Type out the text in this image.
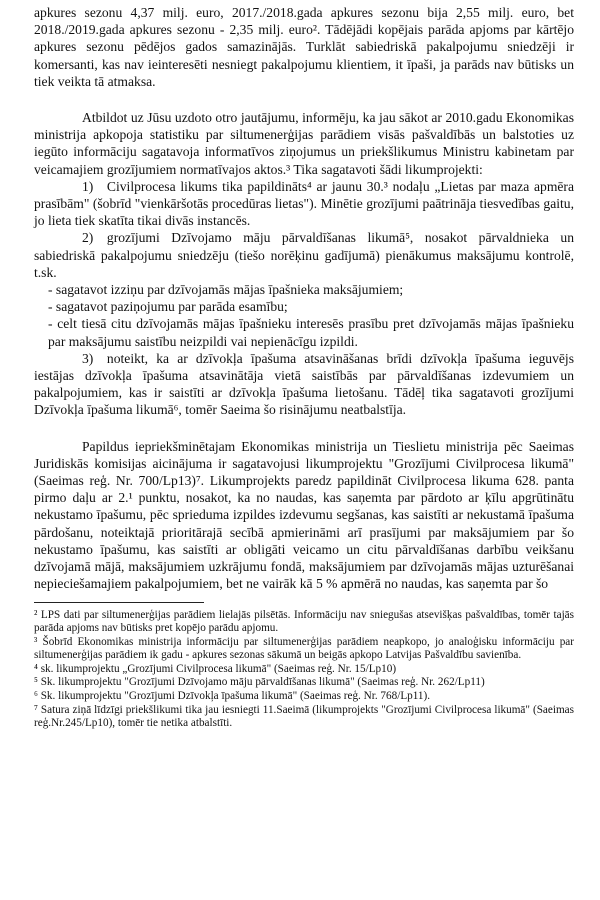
apkures sezonu 4,37 milj. euro, 2017./2018.gada apkures sezonu bija 2,55 milj. euro, bet 2018./2019.gada apkures sezonu - 2,35 milj. euro². Tādējādi kopējais parāda apjoms par kārtējo apkures sezonu pēdējos gados samazinājās. Turklāt sabiedriskā pakalpojumu sniedzēji ir komersanti, kas nav ieinteresēti nesniegt pakalpojumu klientiem, it īpaši, ja parāds nav būtisks un tiek veikta tā atmaksa.

Atbildot uz Jūsu uzdoto otro jautājumu, informēju, ka jau sākot ar 2010.gadu Ekonomikas ministrija apkopoja statistiku par siltumenerģijas parādiem visās pašvaldībās un balstoties uz iegūto informāciju sagatavoja informatīvos ziņojumus un priekšlikumus Ministru kabinetam par veicamajiem grozījumiem normatīvajos aktos.³ Tika sagatavoti šādi likumprojekti:

1) Civilprocesa likums tika papildināts⁴ ar jaunu 30.³ nodaļu „Lietas par maza apmēra prasībām" (šobrīd "vienkāršotās procedūras lietas"). Minētie grozījumi paātrināja tiesvedības gaitu, jo lieta tiek skatīta tikai divās instancēs.

2) grozījumi Dzīvojamo māju pārvaldīšanas likumā⁵, nosakot pārvaldnieka un sabiedriskā pakalpojumu sniedzēju (tiešo norēķinu gadījumā) pienākumus maksājumu kontrolē, t.sk.

- sagatavot izziņu par dzīvojamās mājas īpašnieka maksājumiem;

- sagatavot paziņojumu par parāda esamību;

- celt tiesā citu dzīvojamās mājas īpašnieku interesēs prasību pret dzīvojamās mājas īpašnieku par maksājumu saistību neizpildi vai nepienācīgu izpildi.

3) noteikt, ka ar dzīvokļa īpašuma atsavināšanas brīdi dzīvokļa īpašuma ieguvējs iestājas dzīvokļa īpašuma atsavinātāja vietā saistībās par pārvaldīšanas izdevumiem un pakalpojumiem, kas ir saistīti ar dzīvokļa īpašuma lietošanu. Tādēļ tika sagatavoti grozījumi Dzīvokļa īpašuma likumā⁶, tomēr Saeima šo risinājumu neatbalstīja.

Papildus iepriekšminētajam Ekonomikas ministrija un Tieslietu ministrija pēc Saeimas Juridiskās komisijas aicinājuma ir sagatavojusi likumprojektu "Grozījumi Civilprocesa likumā" (Saeimas reģ. Nr. 700/Lp13)⁷. Likumprojekts paredz papildināt Civilprocesa likuma 628. panta pirmo daļu ar 2.¹ punktu, nosakot, ka no naudas, kas saņemta par pārdoto ar ķīlu apgrūtinātu nekustamo īpašumu, pēc sprieduma izpildes izdevumu segšanas, kas saistīti ar nekustamā īpašuma pārdošanu, noteiktajā prioritārajā secībā apmierināmi arī prasījumi par maksājumiem par šo nekustamo īpašumu, kas saistīti ar obligāti veicamo un citu pārvaldīšanas darbību veikšanu dzīvojamā mājā, maksājumiem uzkrājumu fondā, maksājumiem par dzīvojamās mājas uzturēšanai nepieciešamajiem pakalpojumiem, bet ne vairāk kā 5 % apmērā no naudas, kas saņemta par šo

² LPS dati par siltumenerģijas parādiem lielajās pilsētās. Informāciju nav sniegušas atsevišķas pašvaldības, tomēr tajās parāda apjoms nav būtisks pret kopējo parādu apjomu.

³ Šobrīd Ekonomikas ministrija informāciju par siltumenerģijas parādiem neapkopo, jo analoģisku informāciju par siltumenerģijas parādiem ik gadu - apkures sezonas sākumā un beigās apkopo Latvijas Pašvaldību savienība.

⁴ sk. likumprojektu „Grozījumi Civilprocesa likumā" (Saeimas reģ. Nr. 15/Lp10)

⁵ Sk. likumprojektu "Grozījumi Dzīvojamo māju pārvaldīšanas likumā" (Saeimas reģ. Nr. 262/Lp11)

⁶ Sk. likumprojektu "Grozījumi Dzīvokļa īpašuma likumā" (Saeimas reģ. Nr. 768/Lp11).

⁷ Satura ziņā līdzīgi priekšlikumi tika jau iesniegti 11.Saeimā (likumprojekts "Grozījumi Civilprocesa likumā" (Saeimas reģ.Nr.245/Lp10), tomēr tie netika atbalstīti.
